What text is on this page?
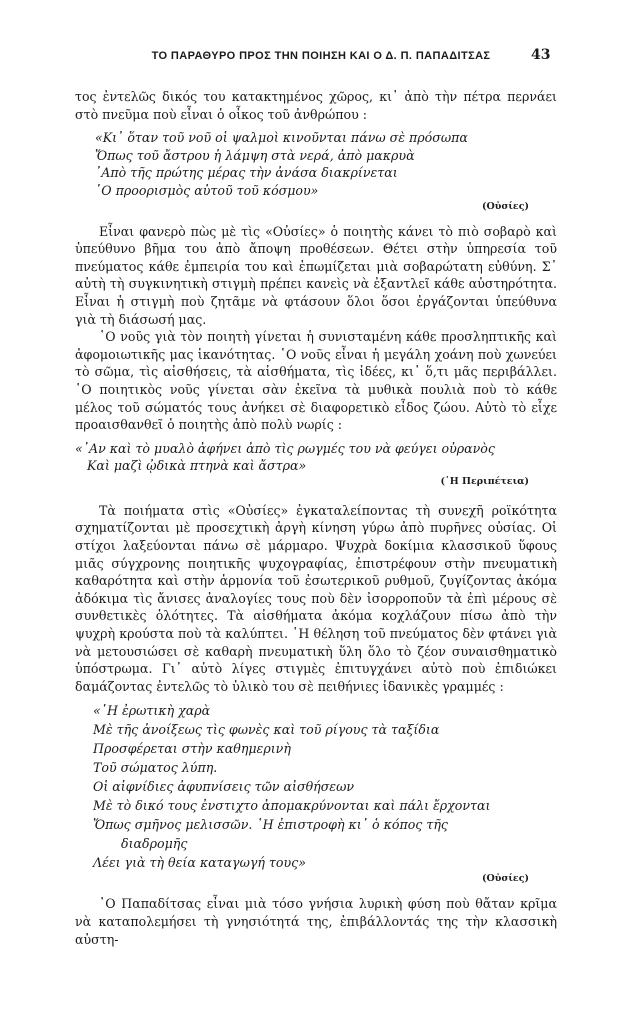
ΤΟ ΠΑΡΑΘΥΡΟ ΠΡΟΣ ΤΗΝ ΠΟΙΗΣΗ ΚΑΙ Ο Δ. Π. ΠΑΠΑΔΙΤΣΑΣ	43

τος ἐντελῶς δικός του κατακτημένος χῶρος, κι᾽ ἀπὸ τὴν πέτρα περνάει στὸ πνεῦμα ποὺ εἶναι ὁ οἶκος τοῦ ἀνθρώπου :

«Κι᾽ ὅταν τοῦ νοῦ οἱ ψαλμοὶ κινοῦνται πάνω σὲ πρόσωπα
Ὅπως τοῦ ἄστρου ἡ λάμψη στὰ νερά, ἀπὸ μακρυὰ
᾽Απὸ τῆς πρώτης μέρας τὴν ἀνάσα διακρίνεται
῾Ο προορισμὸς αὐτοῦ τοῦ κόσμου»
(Οὐσίες)

Εἶναι φανερὸ πὼς μὲ τὶς «Οὐσίες» ὁ ποιητὴς κάνει τὸ πιὸ σοβαρὸ καὶ ὑπεύθυνο βῆμα του ἀπὸ ἄποψη προθέσεων. Θέτει στὴν ὑπηρεσία τοῦ πνεύματος κάθε ἐμπειρία του καὶ ἐπωμίζεται μιὰ σοβαρώτατη εὐθύνη. Σ᾽ αὐτὴ τὴ συγκινητικὴ στιγμὴ πρέπει κανεὶς νὰ ἐξαντλεῖ κάθε αὐστηρότητα. Εἶναι ἡ στιγμὴ ποὺ ζητᾶμε νὰ φτάσουν ὅλοι ὅσοι ἐργάζονται ὑπεύθυνα γιὰ τὴ διάσωσή μας.

῾Ο νοῦς γιὰ τὸν ποιητὴ γίνεται ἡ συνισταμένη κάθε προσληπτικῆς καὶ ἀφομοιωτικῆς μας ἱκανότητας. ῾Ο νοῦς εἶναι ἡ μεγάλη χοάνη ποὺ χωνεύει τὸ σῶμα, τὶς αἰσθήσεις, τὰ αἰσθήματα, τὶς ἰδέες, κι᾽ ὅ,τι μᾶς περιβάλλει. ῾Ο ποιητικὸς νοῦς γίνεται σὰν ἐκεῖνα τὰ μυθικὰ πουλιὰ ποὺ τὸ κάθε μέλος τοῦ σώματός τους ἀνήκει σὲ διαφορετικὸ εἶδος ζώου. Αὐτὸ τὸ εἶχε προαισθανθεῖ ὁ ποιητὴς ἀπὸ πολὺ νωρίς :

«᾽Αν καὶ τὸ μυαλὸ ἀφήνει ἀπὸ τὶς ρωγμές του νὰ φεύγει οὐρανὸς
Καὶ μαζὶ ᾠδικὰ πτηνὰ καὶ ἄστρα»
(῾Η Περιπέτεια)

Τὰ ποιήματα στὶς «Οὐσίες» ἐγκαταλείποντας τὴ συνεχῆ ροϊκότητα σχηματίζονται μὲ προσεχτικὴ ἀργὴ κίνηση γύρω ἀπὸ πυρῆνες οὐσίας. Οἱ στίχοι λαξεύονται πάνω σὲ μάρμαρο. Ψυχρὰ δοκίμια κλασσικοῦ ὕφους μιᾶς σύγχρονης ποιητικῆς ψυχογραφίας, ἐπιστρέφουν στὴν πνευματικὴ καθαρότητα καὶ στὴν ἁρμονία τοῦ ἐσωτερικοῦ ρυθμοῦ, ζυγίζοντας ἀκόμα ἀδόκιμα τὶς ἄνισες ἀναλογίες τους ποὺ δὲν ἰσορροποῦν τὰ ἐπὶ μέρους σὲ συνθετικὲς ὁλότητες. Τὰ αἰσθήματα ἀκόμα κοχλάζουν πίσω ἀπὸ τὴν ψυχρὴ κρούστα ποὺ τὰ καλύπτει. ῾Η θέληση τοῦ πνεύματος δὲν φτάνει γιὰ νὰ μετουσιώσει σὲ καθαρὴ πνευματικὴ ὕλη ὅλο τὸ ζέον συναισθηματικὸ ὑπόστρωμα. Γι᾽ αὐτὸ λίγες στιγμὲς ἐπιτυγχάνει αὐτὸ ποὺ ἐπιδιώκει δαμάζοντας ἐντελῶς τὸ ὑλικὸ του σὲ πειθήνιες ἰδανικὲς γραμμές :

«῾Η ἐρωτικὴ χαρὰ
Μὲ τῆς ἀνοίξεως τὶς φωνὲς καὶ τοῦ ρίγους τὰ ταξίδια
Προσφέρεται στὴν καθημερινὴ
Τοῦ σώματος λύπη.
Οἱ αἰφνίδιες ἀφυπνίσεις τῶν αἰσθήσεων
Μὲ τὸ δικό τους ἐνστιχτο ἀπομακρύνονται καὶ πάλι ἔρχονται
Ὅπως σμῆνος μελισσῶν. ῾Η ἐπιστροφὴ κι᾽ ὁ κόπος τῆς
διαδρομῆς
Λέει γιὰ τὴ θεία καταγωγή τους»
(Οὐσίες)

῾Ο Παπαδίτσας εἶναι μιὰ τόσο γνήσια λυρικὴ φύση ποὺ θἄταν κρῖμα νὰ καταπολεμήσει τὴ γνησιότητά της, ἐπιβάλλοντάς της τὴν κλασσικὴ αὐστη-
